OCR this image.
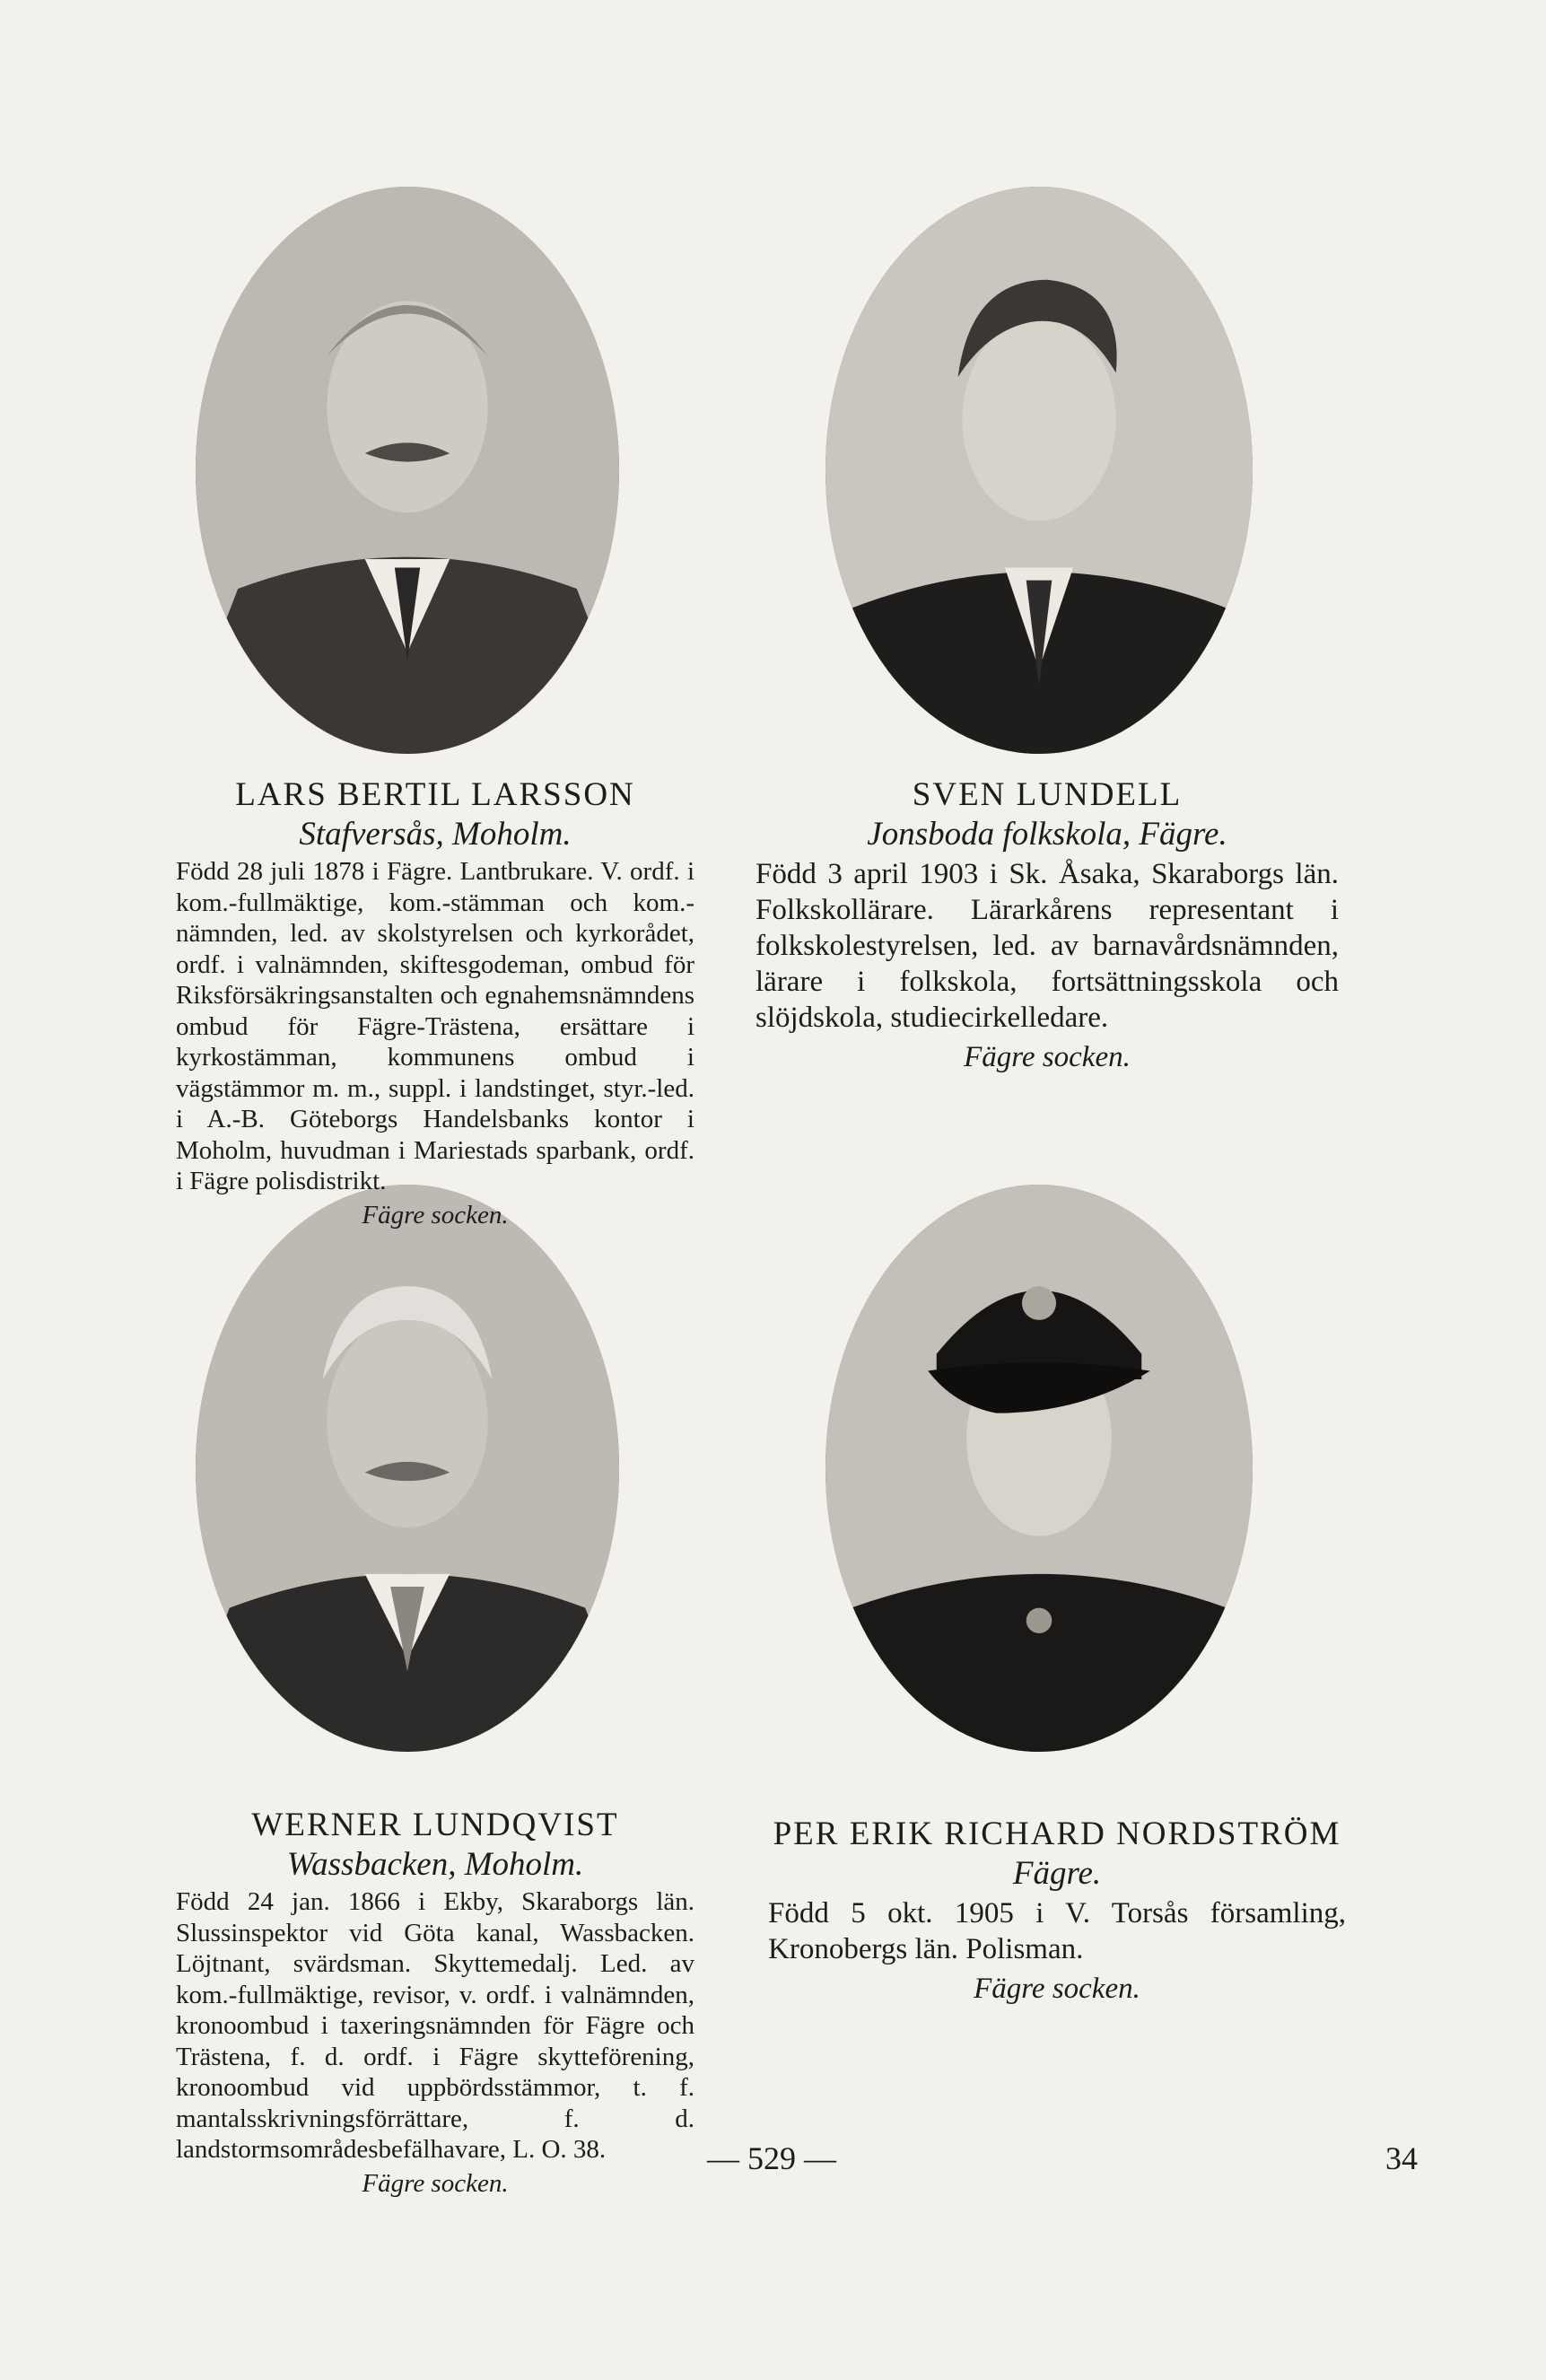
LARS BERTIL LARSSON

Stafversås, Moholm.

Född 28 juli 1878 i Fägre. Lantbrukare. V. ordf. i kom.-fullmäktige, kom.-stämman och kom.-nämnden, led. av skolstyrelsen och kyrkorådet, ordf. i valnämnden, skiftesgodeman, ombud för Riksförsäkringsanstalten och egnahemsnämndens ombud för Fägre-Trästena, ersättare i kyrkostämman, kommunens ombud i vägstämmor m. m., suppl. i landstinget, styr.-led. i A.-B. Göteborgs Handelsbanks kontor i Moholm, huvudman i Mariestads sparbank, ordf. i Fägre polisdistrikt.

Fägre socken.

SVEN LUNDELL

Jonsboda folkskola, Fägre.

Född 3 april 1903 i Sk. Åsaka, Skaraborgs län. Folkskollärare. Lärarkårens representant i folkskolestyrelsen, led. av barnavårdsnämnden, lärare i folkskola, fortsättningsskola och slöjdskola, studiecirkelledare.

Fägre socken.

WERNER LUNDQVIST

Wassbacken, Moholm.

Född 24 jan. 1866 i Ekby, Skaraborgs län. Slussinspektor vid Göta kanal, Wassbacken. Löjtnant, svärdsman. Skyttemedalj. Led. av kom.-fullmäktige, revisor, v. ordf. i valnämnden, kronoombud i taxeringsnämnden för Fägre och Trästena, f. d. ordf. i Fägre skytteförening, kronoombud vid uppbördsstämmor, t. f. mantalsskrivningsförrättare, f. d. landstormsområdesbefälhavare, L. O. 38.

Fägre socken.

PER ERIK RICHARD NORDSTRÖM

Fägre.

Född 5 okt. 1905 i V. Torsås församling, Kronobergs län. Polisman.

Fägre socken.

— 529 —	34
